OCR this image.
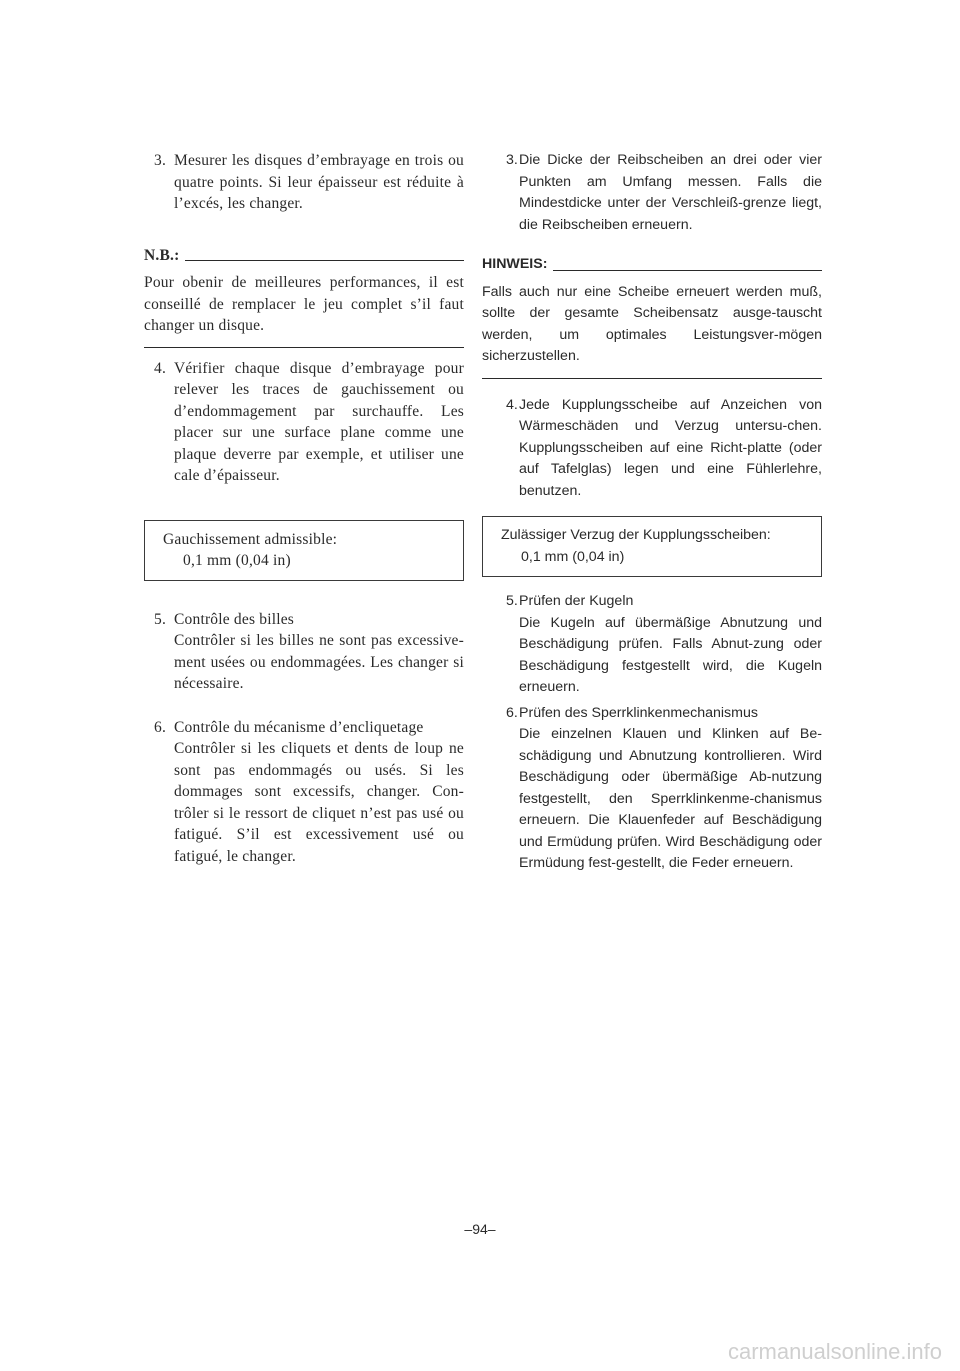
3. Mesurer les disques d’embrayage en trois ou quatre points. Si leur épaisseur est réduite à l’excés, les changer.
N.B.:
Pour obenir de meilleures performances, il est conseillé de remplacer le jeu complet s’il faut changer un disque.
4. Vérifier chaque disque d’embrayage pour relever les traces de gauchissement ou d’endommagement par surchauffe. Les placer sur une surface plane comme une plaque deverre par exemple, et utiliser une cale d’épaisseur.
Gauchissement admissible:
0,1 mm (0,04 in)
5. Contrôle des billes
Contrôler si les billes ne sont pas excessive-ment usées ou endommagées. Les changer si nécessaire.
6. Contrôle du mécanisme d’encliquetage
Contrôler si les cliquets et dents de loup ne sont pas endommagés ou usés. Si les dommages sont excessifs, changer. Con-trôler si le ressort de cliquet n’est pas usé ou fatigué. S’il est excessivement usé ou fatigué, le changer.
3. Die Dicke der Reibscheiben an drei oder vier Punkten am Umfang messen. Falls die Mindestdicke unter der Verschleiß-grenze liegt, die Reibscheiben erneuern.
HINWEIS:
Falls auch nur eine Scheibe erneuert werden muß, sollte der gesamte Scheibensatz ausge-tauscht werden, um optimales Leistungsver-mögen sicherzustellen.
4. Jede Kupplungsscheibe auf Anzeichen von Wärmeschäden und Verzug untersu-chen. Kupplungsscheiben auf eine Richt-platte (oder auf Tafelglas) legen und eine Fühlerlehre, benutzen.
Zulässiger Verzug der Kupplungsscheiben:
0,1 mm (0,04 in)
5. Prüfen der Kugeln
Die Kugeln auf übermäßige Abnutzung und Beschädigung prüfen. Falls Abnut-zung oder Beschädigung festgestellt wird, die Kugeln erneuern.
6. Prüfen des Sperrklinkenmechanismus
Die einzelnen Klauen und Klinken auf Be-schädigung und Abnutzung kontrollieren. Wird Beschädigung oder übermäßige Ab-nutzung festgestellt, den Sperrklinkenme-chanismus erneuern. Die Klauenfeder auf Beschädigung und Ermüdung prüfen. Wird Beschädigung oder Ermüdung fest-gestellt, die Feder erneuern.
–94–
carmanualsonline.info
